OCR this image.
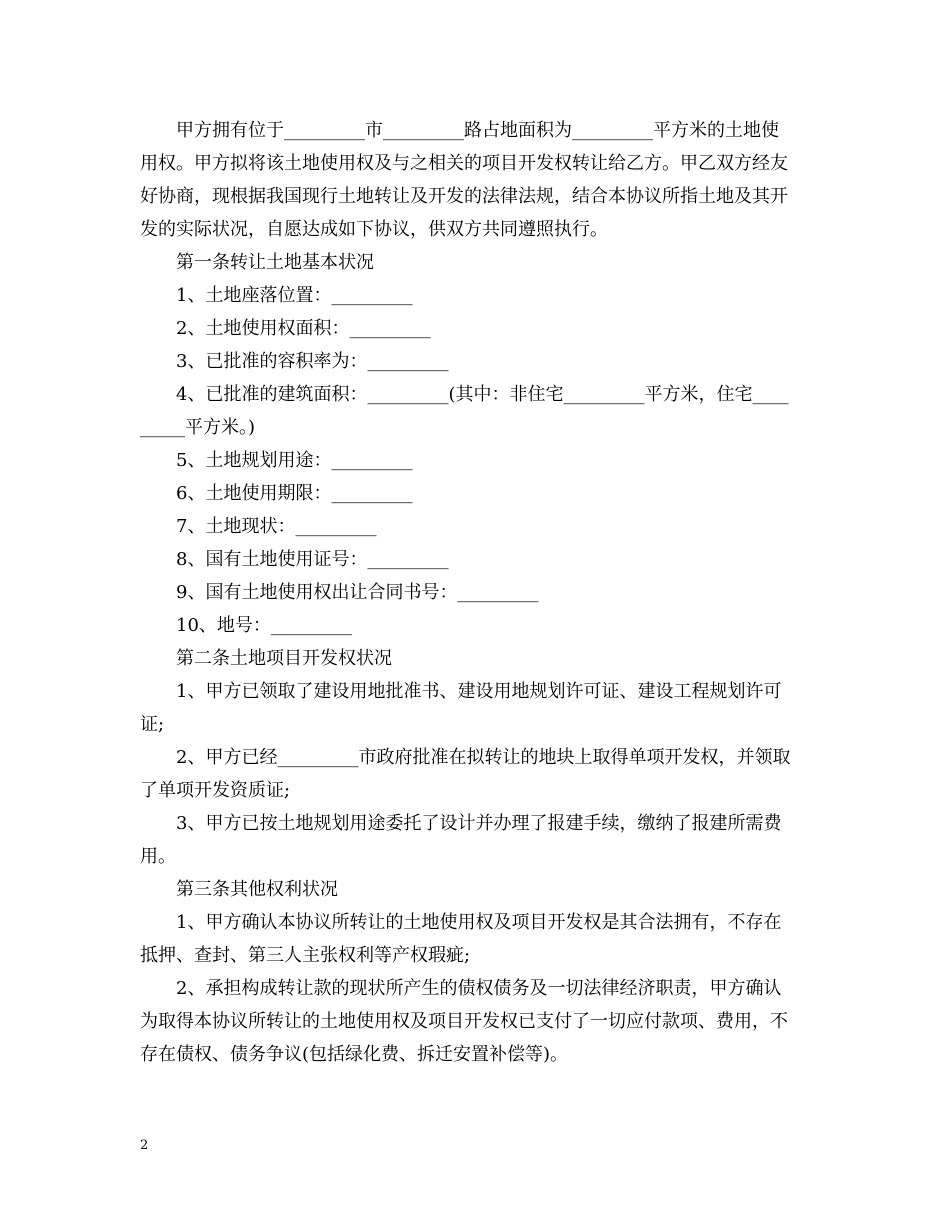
甲方拥有位于_________市_________路占地面积为_________平方米的土地使
用权。甲方拟将该土地使用权及与之相关的项目开发权转让给乙方。甲乙双方经友
好协商，现根据我国现行土地转让及开发的法律法规，结合本协议所指土地及其开
发的实际状况，自愿达成如下协议，供双方共同遵照执行。
第一条转让土地基本状况
1、土地座落位置：_________
2、土地使用权面积：_________
3、已批准的容积率为：_________
4、已批准的建筑面积：_________(其中：非住宅_________平方米，住宅____
_____平方米。)
5、土地规划用途：_________
6、土地使用期限：_________
7、土地现状：_________
8、国有土地使用证号：_________
9、国有土地使用权出让合同书号：_________
10、地号：_________
第二条土地项目开发权状况
1、甲方已领取了建设用地批准书、建设用地规划许可证、建设工程规划许可
证;
2、甲方已经_________市政府批准在拟转让的地块上取得单项开发权，并领取
了单项开发资质证;
3、甲方已按土地规划用途委托了设计并办理了报建手续，缴纳了报建所需费
用。
第三条其他权利状况
1、甲方确认本协议所转让的土地使用权及项目开发权是其合法拥有，不存在
抵押、查封、第三人主张权利等产权瑕疵;
2、承担构成转让款的现状所产生的债权债务及一切法律经济职责，甲方确认
为取得本协议所转让的土地使用权及项目开发权已支付了一切应付款项、费用，不
存在债权、债务争议(包括绿化费、拆迁安置补偿等)。
2
